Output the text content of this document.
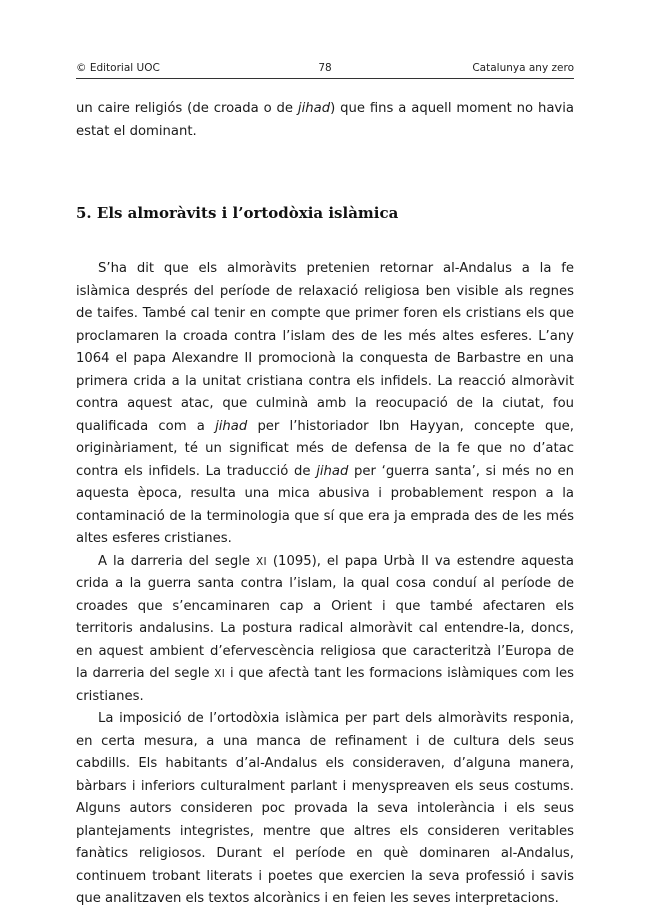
© Editorial UOC	78	Catalunya any zero

un caire religiós (de croada o de jihad) que fins a aquell moment no havia estat el dominant.

5. Els almoràvits i l’ortodòxia islàmica

S’ha dit que els almoràvits pretenien retornar al-Andalus a la fe islàmica després del període de relaxació religiosa ben visible als regnes de taifes. També cal tenir en compte que primer foren els cristians els que proclamaren la croada contra l’islam des de les més altes esferes. L’any 1064 el papa Alexandre II promocionà la conquesta de Barbastre en una primera crida a la unitat cristiana contra els infidels. La reacció almoràvit contra aquest atac, que culminà amb la reocupació de la ciutat, fou qualificada com a jihad per l’historiador Ibn Hayyan, concepte que, originàriament, té un significat més de defensa de la fe que no d’atac contra els infidels. La traducció de jihad per ‘guerra santa’, si més no en aquesta època, resulta una mica abusiva i probablement respon a la contaminació de la terminologia que sí que era ja emprada des de les més altes esferes cristianes.

A la darreria del segle XI (1095), el papa Urbà II va estendre aquesta crida a la guerra santa contra l’islam, la qual cosa conduí al període de croades que s’encaminaren cap a Orient i que també afectaren els territoris andalusins. La postura radical almoràvit cal entendre-la, doncs, en aquest ambient d’efervescència religiosa que caracteritzà l’Europa de la darreria del segle XI i que afectà tant les formacions islàmiques com les cristianes.

La imposició de l’ortodòxia islàmica per part dels almoràvits responia, en certa mesura, a una manca de refinament i de cultura dels seus cabdills. Els habitants d’al-Andalus els consideraven, d’alguna manera, bàrbars i inferiors culturalment parlant i menyspreaven els seus costums. Alguns autors consideren poc provada la seva intolerància i els seus plantejaments integristes, mentre que altres els consideren veritables fanàtics religiosos. Durant el període en què dominaren al-Andalus, continuem trobant literats i poetes que exercien la seva professió i savis que analitzaven els textos alcorànics i en feien les seves interpretacions.
